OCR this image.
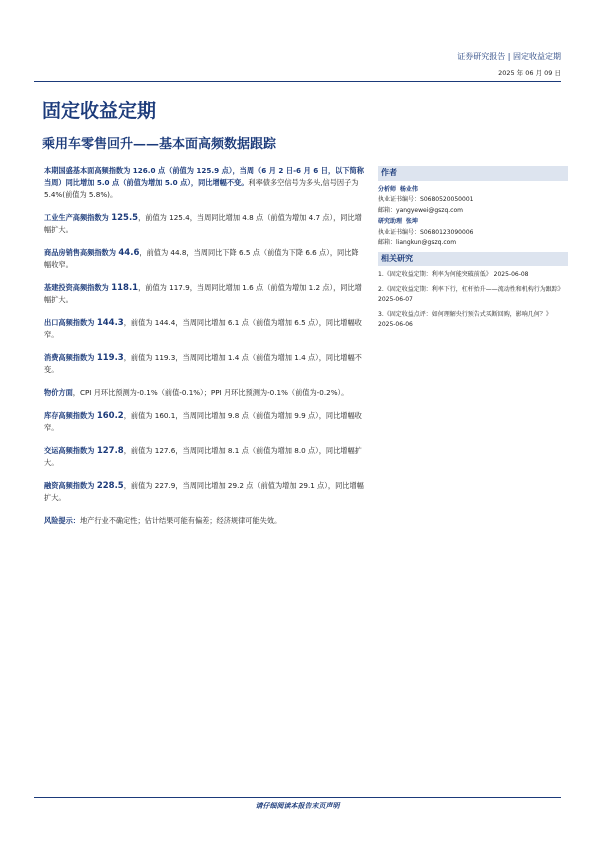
证券研究报告 | 固定收益定期
2025 年 06 月 09 日
固定收益定期
乘用车零售回升——基本面高频数据跟踪

本期国盛基本面高频指数为 126.0 点（前值为 125.9 点），当周（6 月 2 日-6 月 6 日，以下简称当周）同比增加 5.0 点（前值为增加 5.0 点），同比增幅不变。利率债多空信号为多头,信号因子为 5.4%(前值为 5.8%)。

工业生产高频指数为 125.5，前值为 125.4，当周同比增加 4.8 点（前值为增加 4.7 点），同比增幅扩大。

商品房销售高频指数为 44.6，前值为 44.8，当周同比下降 6.5 点（前值为下降 6.6 点），同比降幅收窄。

基建投资高频指数为 118.1，前值为 117.9，当周同比增加 1.6 点（前值为增加 1.2 点），同比增幅扩大。

出口高频指数为 144.3，前值为 144.4，当周同比增加 6.1 点（前值为增加 6.5 点），同比增幅收窄。

消费高频指数为 119.3，前值为 119.3，当周同比增加 1.4 点（前值为增加 1.4 点），同比增幅不变。

物价方面，CPI 月环比预测为-0.1%（前值-0.1%）；PPI 月环比预测为-0.1%（前值为-0.2%）。

库存高频指数为 160.2，前值为 160.1，当周同比增加 9.8 点（前值为增加 9.9 点），同比增幅收窄。

交运高频指数为 127.8，前值为 127.6，当周同比增加 8.1 点（前值为增加 8.0 点），同比增幅扩大。

融资高频指数为 228.5，前值为 227.9，当周同比增加 29.2 点（前值为增加 29.1 点），同比增幅扩大。

风险提示：地产行业不确定性；估计结果可能有偏差；经济规律可能失效。

作者
分析师 杨业伟
执业证书编号：S0680520050001
邮箱：yangyewei@gszq.com
研究助理 张坤
执业证书编号：S0680123090006
邮箱：liangkun@gszq.com
相关研究
1.《固定收益定期：利率为何能突破前低》 2025-06-08
2.《固定收益定期：利率下行，杠杆抬升——流动性和机构行为跟踪》 2025-06-07
3.《固定收益点评：如何理解央行预告式买断回购，影响几何？》 2025-06-06
请仔细阅读本报告末页声明
